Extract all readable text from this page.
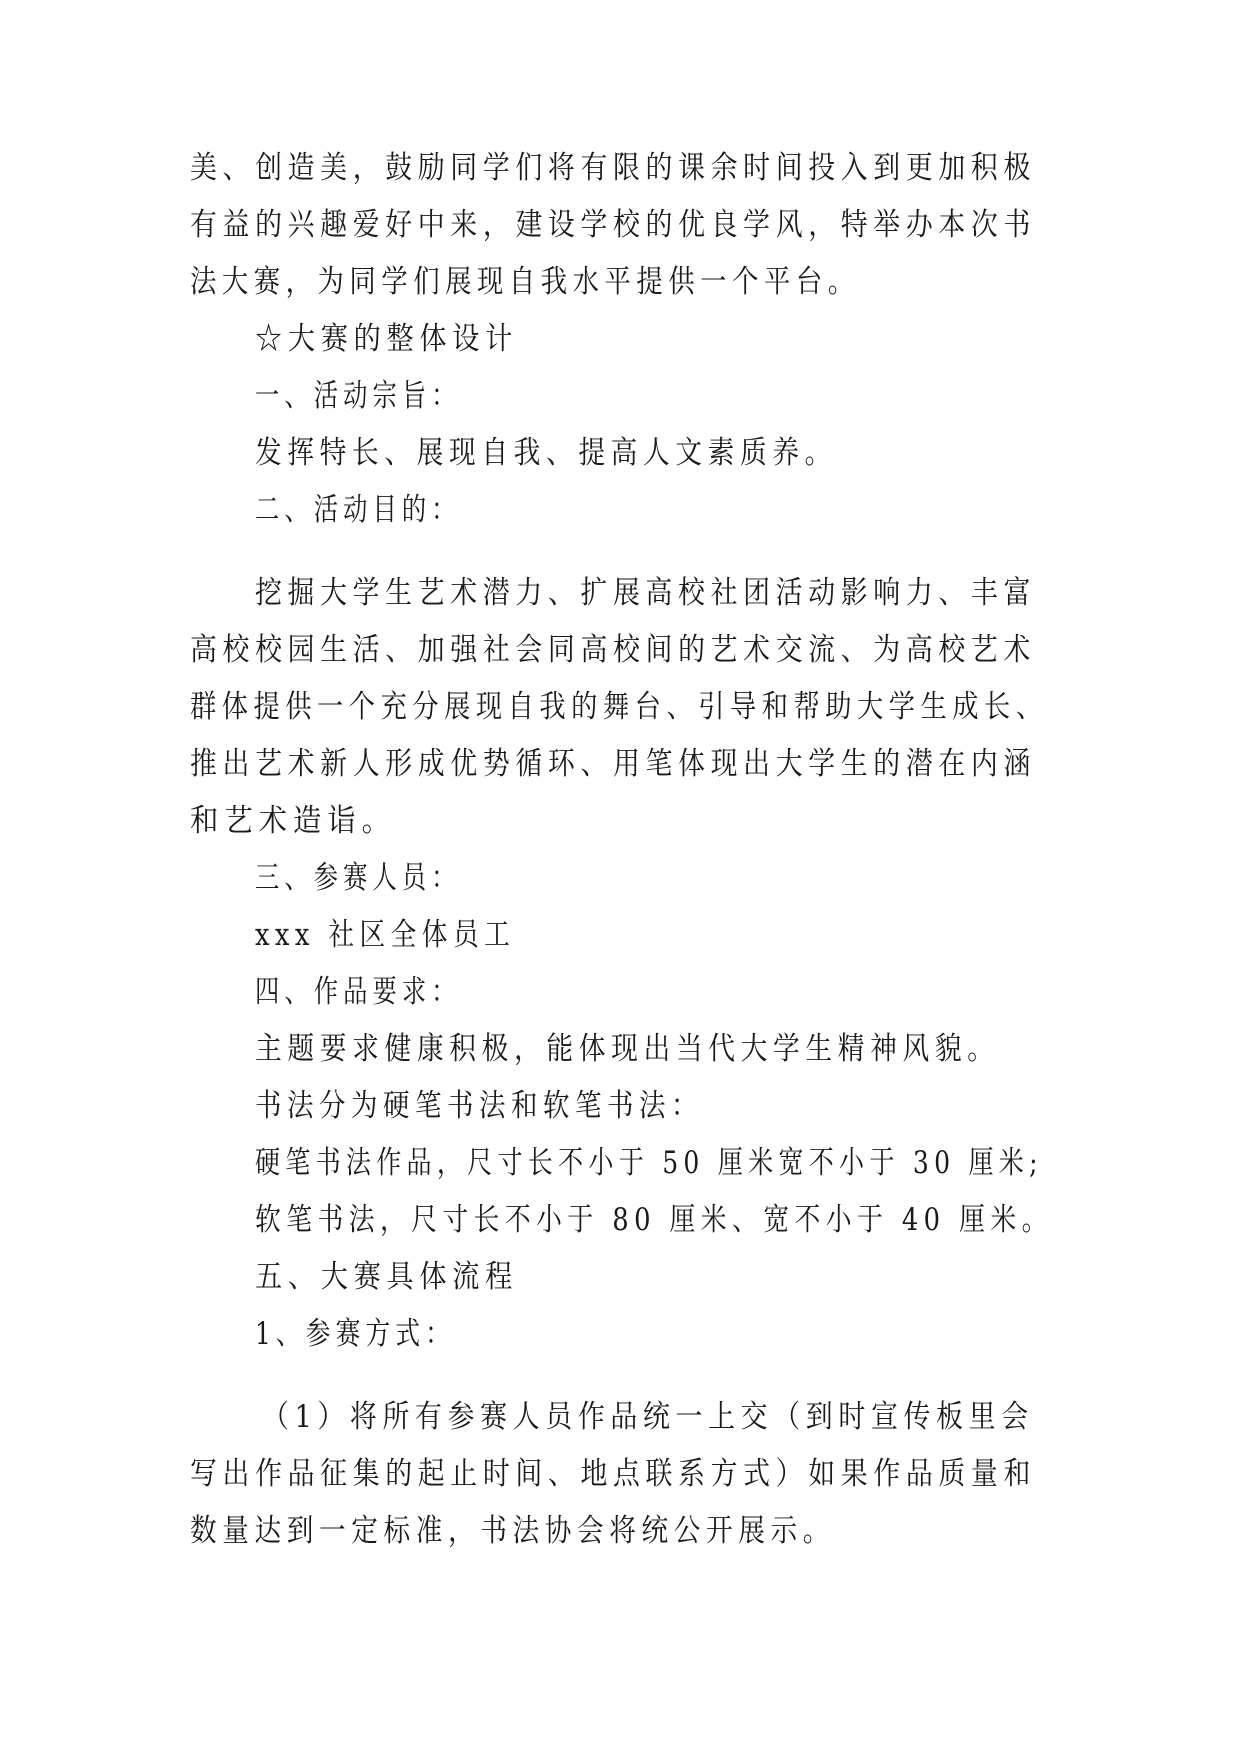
美、创造美，鼓励同学们将有限的课余时间投入到更加积极
有益的兴趣爱好中来，建设学校的优良学风，特举办本次书
法大赛，为同学们展现自我水平提供一个平台。
☆大赛的整体设计
一、活动宗旨：
发挥特长、展现自我、提高人文素质养。
二、活动目的：
挖掘大学生艺术潜力、扩展高校社团活动影响力、丰富
高校校园生活、加强社会同高校间的艺术交流、为高校艺术
群体提供一个充分展现自我的舞台、引导和帮助大学生成长、
推出艺术新人形成优势循环、用笔体现出大学生的潜在内涵
和艺术造诣。
三、参赛人员：
xxx 社区全体员工
四、作品要求：
主题要求健康积极，能体现出当代大学生精神风貌。
书法分为硬笔书法和软笔书法：
硬笔书法作品，尺寸长不小于 50 厘米宽不小于 30 厘米;
软笔书法，尺寸长不小于 80 厘米、宽不小于 40 厘米。
五、大赛具体流程
1、参赛方式：
（1）将所有参赛人员作品统一上交（到时宣传板里会
写出作品征集的起止时间、地点联系方式）如果作品质量和
数量达到一定标准，书法协会将统公开展示。
